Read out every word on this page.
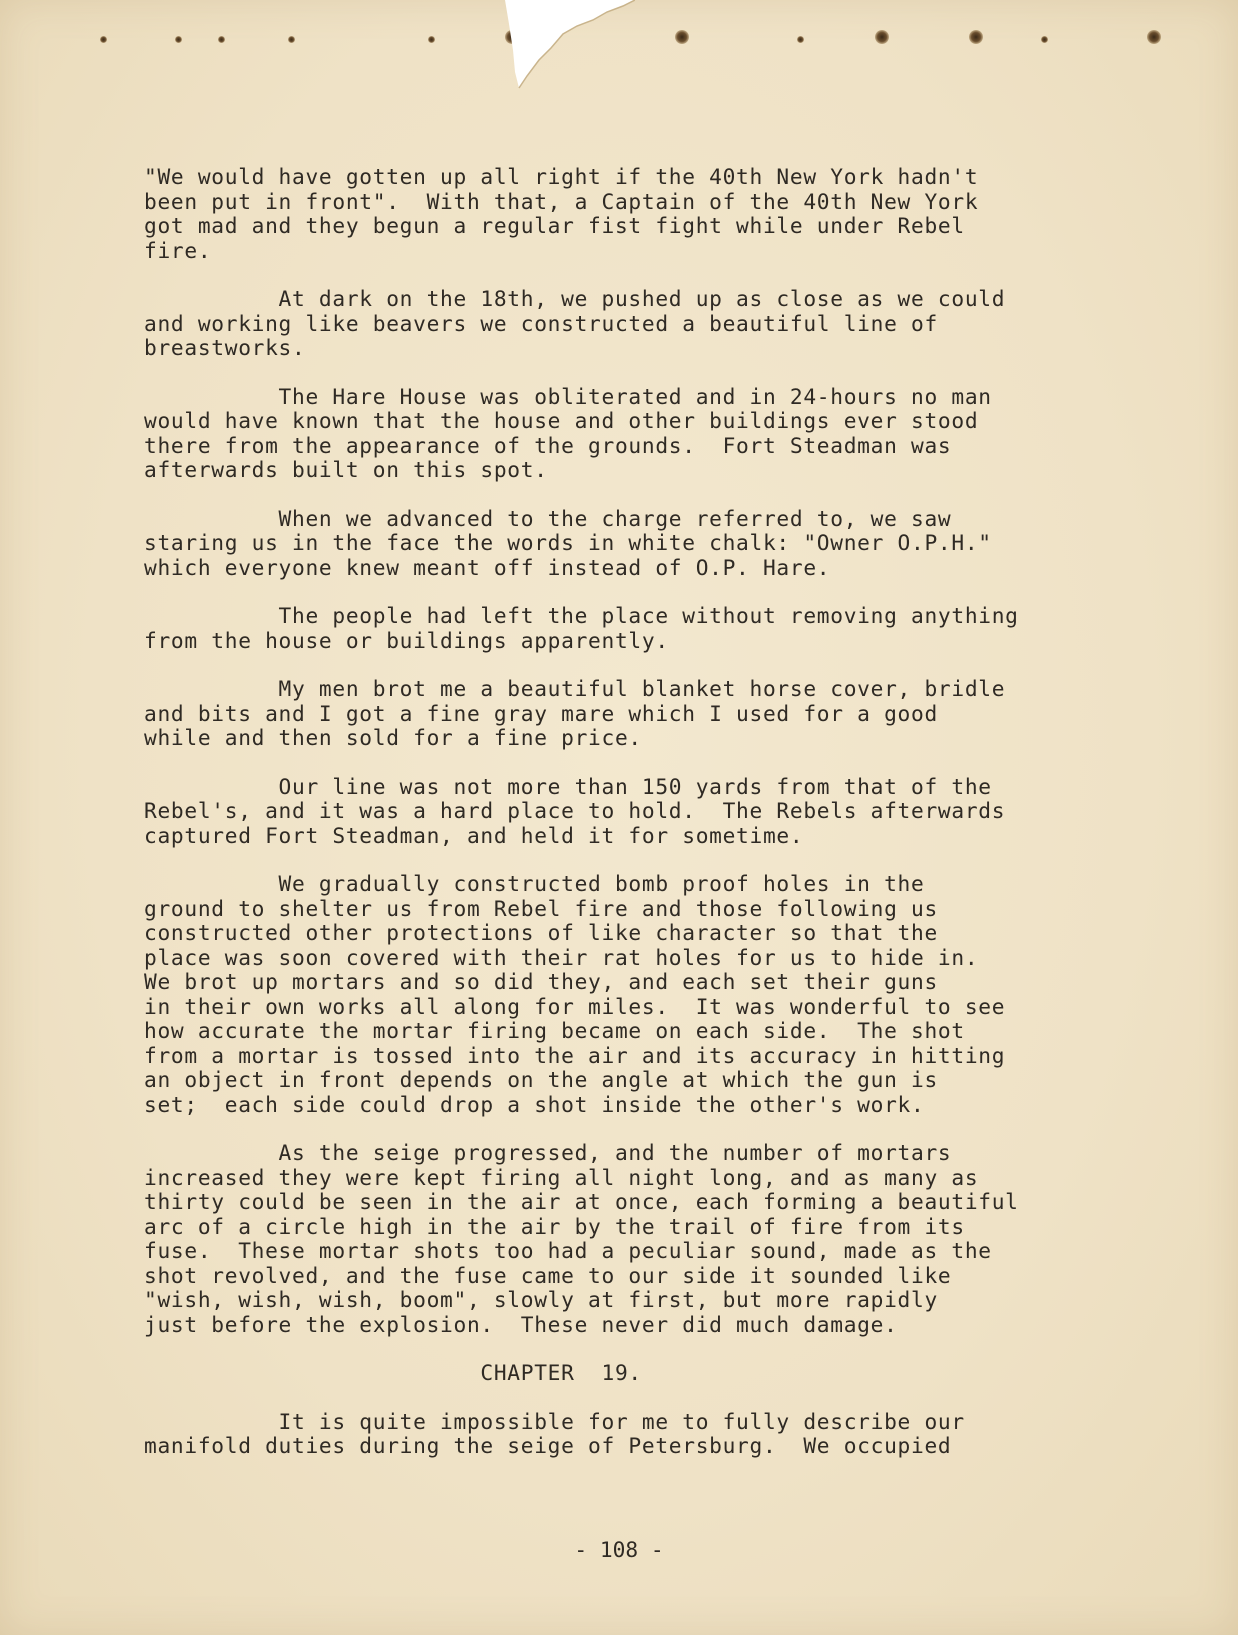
"We would have gotten up all right if the 40th New York hadn't
been put in front".  With that, a Captain of the 40th New York
got mad and they begun a regular fist fight while under Rebel
fire.
At dark on the 18th, we pushed up as close as we could
and working like beavers we constructed a beautiful line of
breastworks.
The Hare House was obliterated and in 24-hours no man
would have known that the house and other buildings ever stood
there from the appearance of the grounds.  Fort Steadman was
afterwards built on this spot.
When we advanced to the charge referred to, we saw
staring us in the face the words in white chalk: "Owner O.P.H."
which everyone knew meant off instead of O.P. Hare.
The people had left the place without removing anything
from the house or buildings apparently.
My men brot me a beautiful blanket horse cover, bridle
and bits and I got a fine gray mare which I used for a good
while and then sold for a fine price.
Our line was not more than 150 yards from that of the
Rebel's, and it was a hard place to hold.  The Rebels afterwards
captured Fort Steadman, and held it for sometime.
We gradually constructed bomb proof holes in the
ground to shelter us from Rebel fire and those following us
constructed other protections of like character so that the
place was soon covered with their rat holes for us to hide in.
We brot up mortars and so did they, and each set their guns
in their own works all along for miles.  It was wonderful to see
how accurate the mortar firing became on each side.  The shot
from a mortar is tossed into the air and its accuracy in hitting
an object in front depends on the angle at which the gun is
set;  each side could drop a shot inside the other's work.
As the seige progressed, and the number of mortars
increased they were kept firing all night long, and as many as
thirty could be seen in the air at once, each forming a beautiful
arc of a circle high in the air by the trail of fire from its
fuse.  These mortar shots too had a peculiar sound, made as the
shot revolved, and the fuse came to our side it sounded like
"wish, wish, wish, boom", slowly at first, but more rapidly
just before the explosion.  These never did much damage.
CHAPTER  19.
It is quite impossible for me to fully describe our
manifold duties during the seige of Petersburg.  We occupied
- 108 -
